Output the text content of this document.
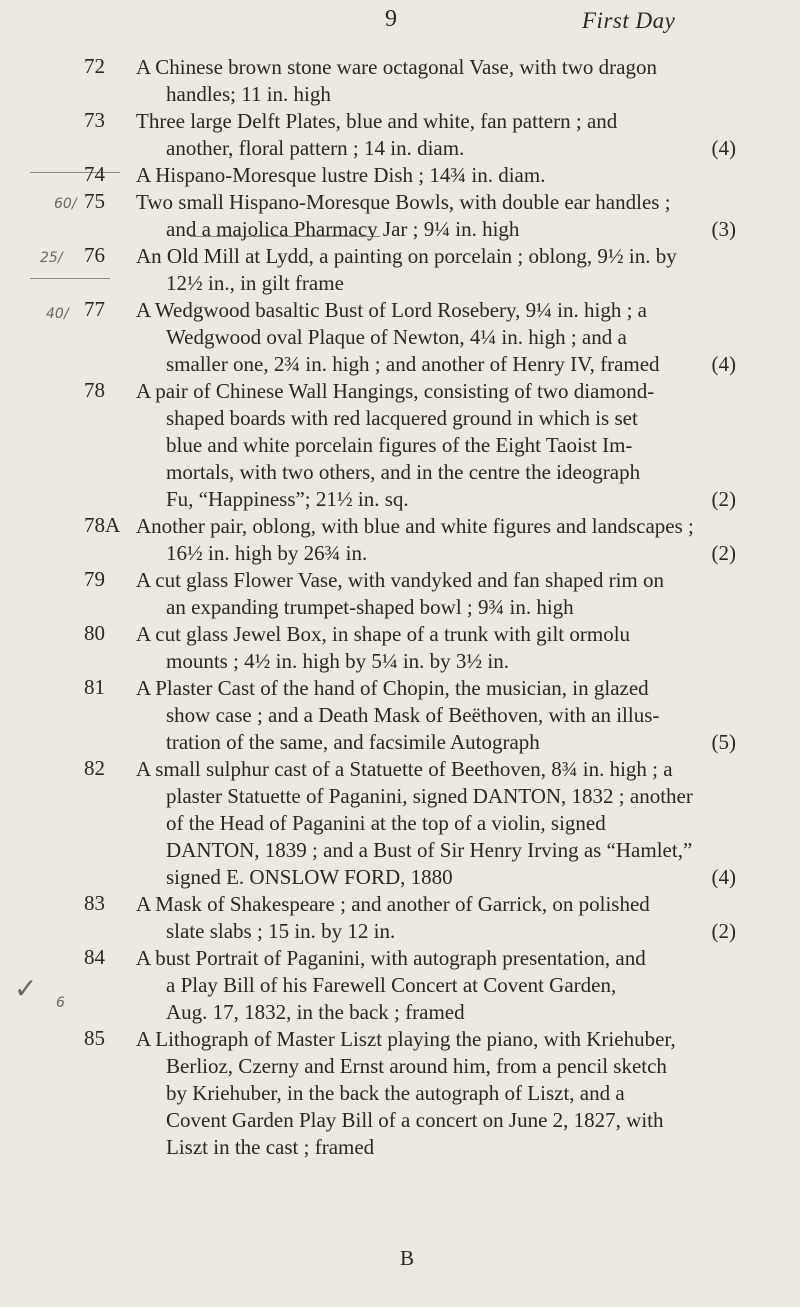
9	First Day
60/
25/
40/
6
✓
72	A Chinese brown stone ware octagonal Vase, with two dragon
handles; 11 in. high
73	Three large Delft Plates, blue and white, fan pattern ; and
another, floral pattern ; 14 in. diam.	(4)
74	A Hispano-Moresque lustre Dish ; 14¾ in. diam.
75	Two small Hispano-Moresque Bowls, with double ear handles ;
and a majolica Pharmacy Jar ; 9¼ in. high	(3)
76	An Old Mill at Lydd, a painting on porcelain ; oblong, 9½ in. by
12½ in., in gilt frame
77	A Wedgwood basaltic Bust of Lord Rosebery, 9¼ in. high ; a
Wedgwood oval Plaque of Newton, 4¼ in. high ; and a
smaller one, 2¾ in. high ; and another of Henry IV, framed (4)
78	A pair of Chinese Wall Hangings, consisting of two diamond-
shaped boards with red lacquered ground in which is set
blue and white porcelain figures of the Eight Taoist Im-
mortals, with two others, and in the centre the ideograph
Fu, “Happiness”; 21½ in. sq.	(2)
78A Another pair, oblong, with blue and white figures and landscapes ;
16½ in. high by 26¾ in.	(2)
79	A cut glass Flower Vase, with vandyked and fan shaped rim on
an expanding trumpet-shaped bowl ; 9¾ in. high
80	A cut glass Jewel Box, in shape of a trunk with gilt ormolu
mounts ; 4½ in. high by 5¼ in. by 3½ in.
81	A Plaster Cast of the hand of Chopin, the musician, in glazed
show case ; and a Death Mask of Beëthoven, with an illus-
tration of the same, and facsimile Autograph	(5)
82	A small sulphur cast of a Statuette of Beethoven, 8¾ in. high ; a
plaster Statuette of Paganini, signed DANTON, 1832 ; another
of the Head of Paganini at the top of a violin, signed
DANTON, 1839 ; and a Bust of Sir Henry Irving as “Hamlet,”
signed E. ONSLOW FORD, 1880	(4)
83	A Mask of Shakespeare ; and another of Garrick, on polished
slate slabs ; 15 in. by 12 in.	(2)
84	A bust Portrait of Paganini, with autograph presentation, and
a Play Bill of his Farewell Concert at Covent Garden,
Aug. 17, 1832, in the back ; framed
85	A Lithograph of Master Liszt playing the piano, with Kriehuber,
Berlioz, Czerny and Ernst around him, from a pencil sketch
by Kriehuber, in the back the autograph of Liszt, and a
Covent Garden Play Bill of a concert on June 2, 1827, with
Liszt in the cast ; framed
B
